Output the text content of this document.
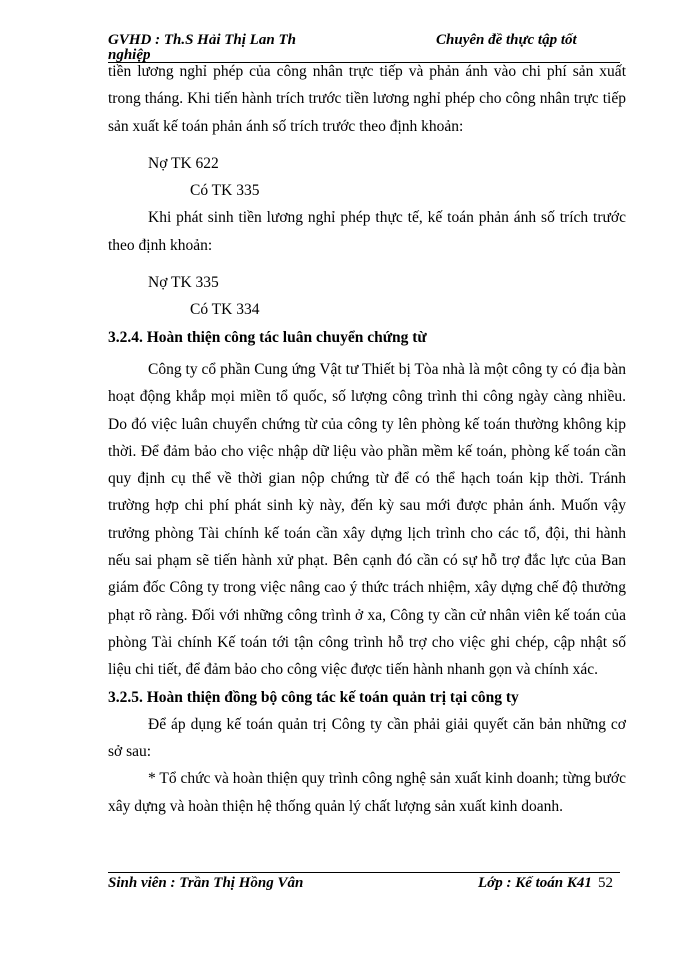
GVHD : Th.S Hải Thị Lan Th	Chuyên đề thực tập tốt
nghiệp

tiền lương nghỉ phép của công nhân trực tiếp và phản ánh vào chi phí sản xuất trong tháng. Khi tiến hành trích trước tiền lương nghỉ phép cho công nhân trực tiếp sản xuất kế toán phản ánh số trích trước theo định khoản:

Nợ TK 622

Có TK 335

Khi phát sinh tiền lương nghỉ phép thực tế, kế toán phản ánh số trích trước theo định khoản:

Nợ TK 335

Có TK 334

3.2.4. Hoàn thiện công tác luân chuyển chứng từ

Công ty cổ phần Cung ứng Vật tư Thiết bị Tòa nhà là một công ty có địa bàn hoạt động khắp mọi miền tổ quốc, số lượng công trình thi công ngày càng nhiều. Do đó việc luân chuyển chứng từ của công ty lên phòng kế toán thường không kịp thời. Để đảm bảo cho việc nhập dữ liệu vào phần mềm kế toán, phòng kế toán cần quy định cụ thể về thời gian nộp chứng từ để có thể hạch toán kịp thời. Tránh trường hợp chi phí phát sinh kỳ này, đến kỳ sau mới được phản ánh. Muốn vậy trưởng phòng Tài chính kế toán cần xây dựng lịch trình cho các tổ, đội, thi hành nếu sai phạm sẽ tiến hành xử phạt. Bên cạnh đó cần có sự hỗ trợ đắc lực của Ban giám đốc Công ty trong việc nâng cao ý thức trách nhiệm, xây dựng chế độ thưởng phạt rõ ràng. Đối với những công trình ở xa, Công ty cần cử nhân viên kế toán của phòng Tài chính Kế toán tới tận công trình hỗ trợ cho việc ghi chép, cập nhật số liệu chi tiết, để đảm bảo cho công việc được tiến hành nhanh gọn và chính xác.

3.2.5. Hoàn thiện đồng bộ công tác kế toán quản trị tại công ty

Để áp dụng kế toán quản trị Công ty cần phải giải quyết căn bản những cơ sở sau:

* Tổ chức và hoàn thiện quy trình công nghệ sản xuất kinh doanh; từng bước xây dựng và hoàn thiện hệ thống quản lý chất lượng sản xuất kinh doanh.

Sinh viên : Trần Thị Hồng Vân	Lớp : Kế toán K41 52
